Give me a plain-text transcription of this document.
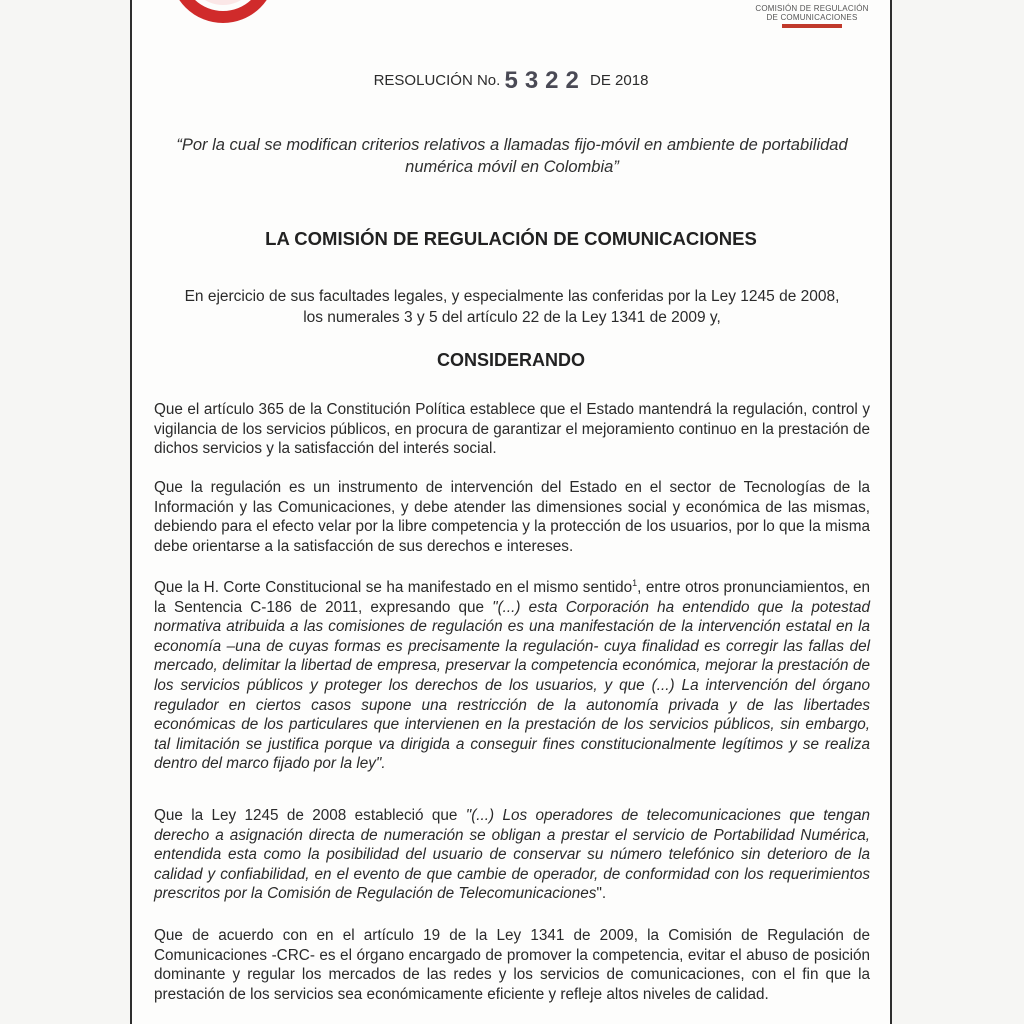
COMISIÓN DE REGULACIÓN
DE COMUNICACIONES
RESOLUCIÓN No. 5322 DE 2018
“Por la cual se modifican criterios relativos a llamadas fijo-móvil en ambiente de portabilidad numérica móvil en Colombia”
LA COMISIÓN DE REGULACIÓN DE COMUNICACIONES
En ejercicio de sus facultades legales, y especialmente las conferidas por la Ley 1245 de 2008,
los numerales 3 y 5 del artículo 22 de la Ley 1341 de 2009 y,
CONSIDERANDO

Que el artículo 365 de la Constitución Política establece que el Estado mantendrá la regulación, control y vigilancia de los servicios públicos, en procura de garantizar el mejoramiento continuo en la prestación de dichos servicios y la satisfacción del interés social.

Que la regulación es un instrumento de intervención del Estado en el sector de Tecnologías de la Información y las Comunicaciones, y debe atender las dimensiones social y económica de las mismas, debiendo para el efecto velar por la libre competencia y la protección de los usuarios, por lo que la misma debe orientarse a la satisfacción de sus derechos e intereses.

Que la H. Corte Constitucional se ha manifestado en el mismo sentido$^1$, entre otros pronunciamientos, en la Sentencia C-186 de 2011, expresando que "(...) esta Corporación ha entendido que la potestad normativa atribuida a las comisiones de regulación es una manifestación de la intervención estatal en la economía –una de cuyas formas es precisamente la regulación- cuya finalidad es corregir las fallas del mercado, delimitar la libertad de empresa, preservar la competencia económica, mejorar la prestación de los servicios públicos y proteger los derechos de los usuarios, y que (...) La intervención del órgano regulador en ciertos casos supone una restricción de la autonomía privada y de las libertades económicas de los particulares que intervienen en la prestación de los servicios públicos, sin embargo, tal limitación se justifica porque va dirigida a conseguir fines constitucionalmente legítimos y se realiza dentro del marco fijado por la ley".

Que la Ley 1245 de 2008 estableció que "(...) Los operadores de telecomunicaciones que tengan derecho a asignación directa de numeración se obligan a prestar el servicio de Portabilidad Numérica, entendida esta como la posibilidad del usuario de conservar su número telefónico sin deterioro de la calidad y confiabilidad, en el evento de que cambie de operador, de conformidad con los requerimientos prescritos por la Comisión de Regulación de Telecomunicaciones".

Que de acuerdo con en el artículo 19 de la Ley 1341 de 2009, la Comisión de Regulación de Comunicaciones -CRC- es el órgano encargado de promover la competencia, evitar el abuso de posición dominante y regular los mercados de las redes y los servicios de comunicaciones, con el fin que la prestación de los servicios sea económicamente eficiente y refleje altos niveles de calidad.
